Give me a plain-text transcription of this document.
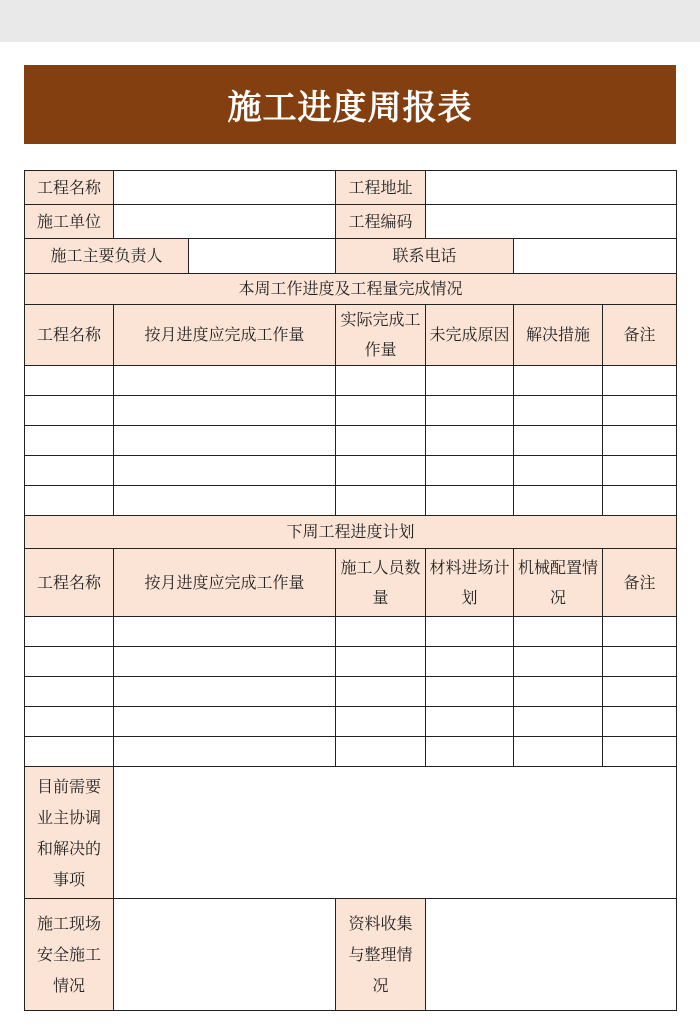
施工进度周报表
工程名称			工程地址			
施工单位			工程编码			
施工主要负责人			联系电话			
本周工作进度及工程量完成情况						
工程名称	按月进度应完成工作量		实际完成工作量	未完成原因	解决措施	备注

下周工程进度计划						
工程名称	按月进度应完成工作量		施工人员数量	材料进场计划	机械配置情况	备注

目前需要业主协调和解决的事项						
施工现场安全施工情况			资料收集与整理情况			
